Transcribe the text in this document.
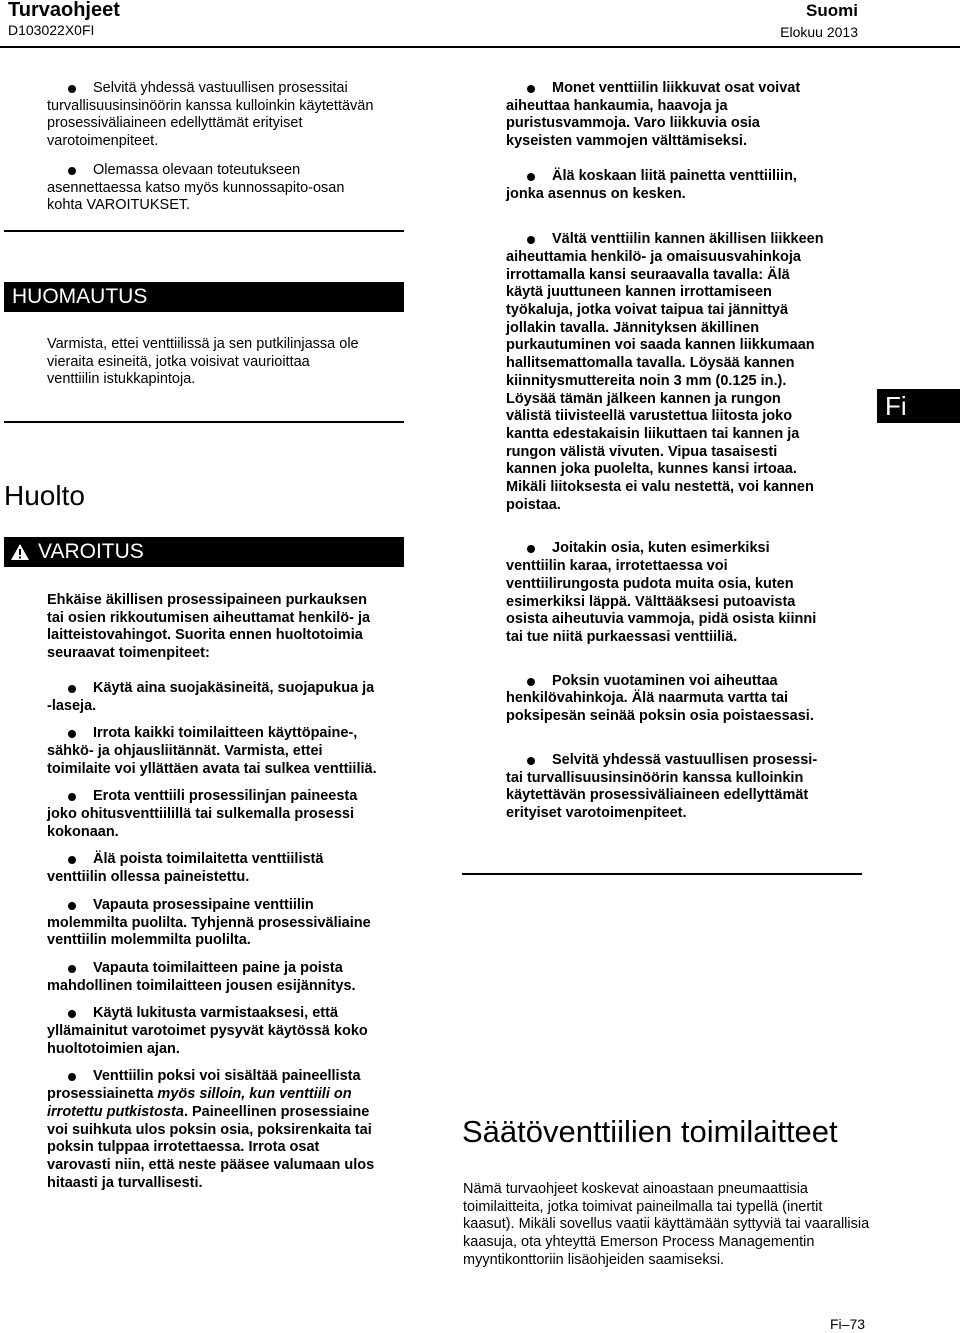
Turvaohjeet
D103022X0FI
Suomi
Elokuu 2013

Selvitä yhdessä vastuullisen prosessitai turvallisuusinsinöörin kanssa kulloinkin käytettävän prosessiväliaineen edellyttämät erityiset varotoimenpiteet.

Olemassa olevaan toteutukseen asennettaessa katso myös kunnossapito-osan kohta VAROITUKSET.

HUOMAUTUS
Varmista, ettei venttiilissä ja sen putkilinjassa ole vieraita esineitä, jotka voisivat vaurioittaa venttiilin istukkapintoja.
Huolto
VAROITUS

Ehkäise äkillisen prosessipaineen purkauksen tai osien rikkoutumisen aiheuttamat henkilö- ja laitteistovahingot. Suorita ennen huoltotoimia seuraavat toimenpiteet:

Käytä aina suojakäsineitä, suojapukua ja -laseja.

Irrota kaikki toimilaitteen käyttöpaine-, sähkö- ja ohjausliitännät. Varmista, ettei toimilaite voi yllättäen avata tai sulkea venttiiliä.

Erota venttiili prosessilinjan paineesta joko ohitusventtiilillä tai sulkemalla prosessi kokonaan.

Älä poista toimilaitetta venttiilistä venttiilin ollessa paineistettu.

Vapauta prosessipaine venttiilin molemmilta puolilta. Tyhjennä prosessiväliaine venttiilin molemmilta puolilta.

Vapauta toimilaitteen paine ja poista mahdollinen toimilaitteen jousen esijännitys.

Käytä lukitusta varmistaaksesi, että yllämainitut varotoimet pysyvät käytössä koko huoltotoimien ajan.

Venttiilin poksi voi sisältää paineellista prosessiainetta myös silloin, kun venttiili on irrotettu putkistosta. Paineellinen prosessiaine voi suihkuta ulos poksin osia, poksirenkaita tai poksin tulppaa irrotettaessa. Irrota osat varovasti niin, että neste pääsee valumaan ulos hitaasti ja turvallisesti.

Monet venttiilin liikkuvat osat voivat aiheuttaa hankaumia, haavoja ja puristusvammoja. Varo liikkuvia osia kyseisten vammojen välttämiseksi.

Älä koskaan liitä painetta venttiiliin, jonka asennus on kesken.

Vältä venttiilin kannen äkillisen liikkeen aiheuttamia henkilö- ja omaisuusvahinkoja irrottamalla kansi seuraavalla tavalla: Älä käytä juuttuneen kannen irrottamiseen työkaluja, jotka voivat taipua tai jännittyä jollakin tavalla. Jännityksen äkillinen purkautuminen voi saada kannen liikkumaan hallitsemattomalla tavalla. Löysää kannen kiinnitysmuttereita noin 3 mm (0.125 in.). Löysää tämän jälkeen kannen ja rungon välistä tiivisteellä varustettua liitosta joko kantta edestakaisin liikuttaen tai kannen ja rungon välistä vivuten. Vipua tasaisesti kannen joka puolelta, kunnes kansi irtoaa. Mikäli liitoksesta ei valu nestettä, voi kannen poistaa.

Joitakin osia, kuten esimerkiksi venttiilin karaa, irrotettaessa voi venttiilirungosta pudota muita osia, kuten esimerkiksi läppä. Välttääksesi putoavista osista aiheutuvia vammoja, pidä osista kiinni tai tue niitä purkaessasi venttiiliä.

Poksin vuotaminen voi aiheuttaa henkilövahinkoja. Älä naarmuta vartta tai poksipesän seinää poksin osia poistaessasi.

Selvitä yhdessä vastuullisen prosessitai turvallisuusinsinöörin kanssa kulloinkin käytettävän prosessiväliaineen edellyttämät erityiset varotoimenpiteet.

Säätöventtiilien toimilaitteet
Nämä turvaohjeet koskevat ainoastaan pneumaattisia toimilaitteita, jotka toimivat paineilmalla tai typellä (inertit kaasut). Mikäli sovellus vaatii käyttämään syttyviä tai vaarallisia kaasuja, ota yhteyttä Emerson Process Managementin myyntikonttoriin lisäohjeiden saamiseksi.
Fi
Fi–73
